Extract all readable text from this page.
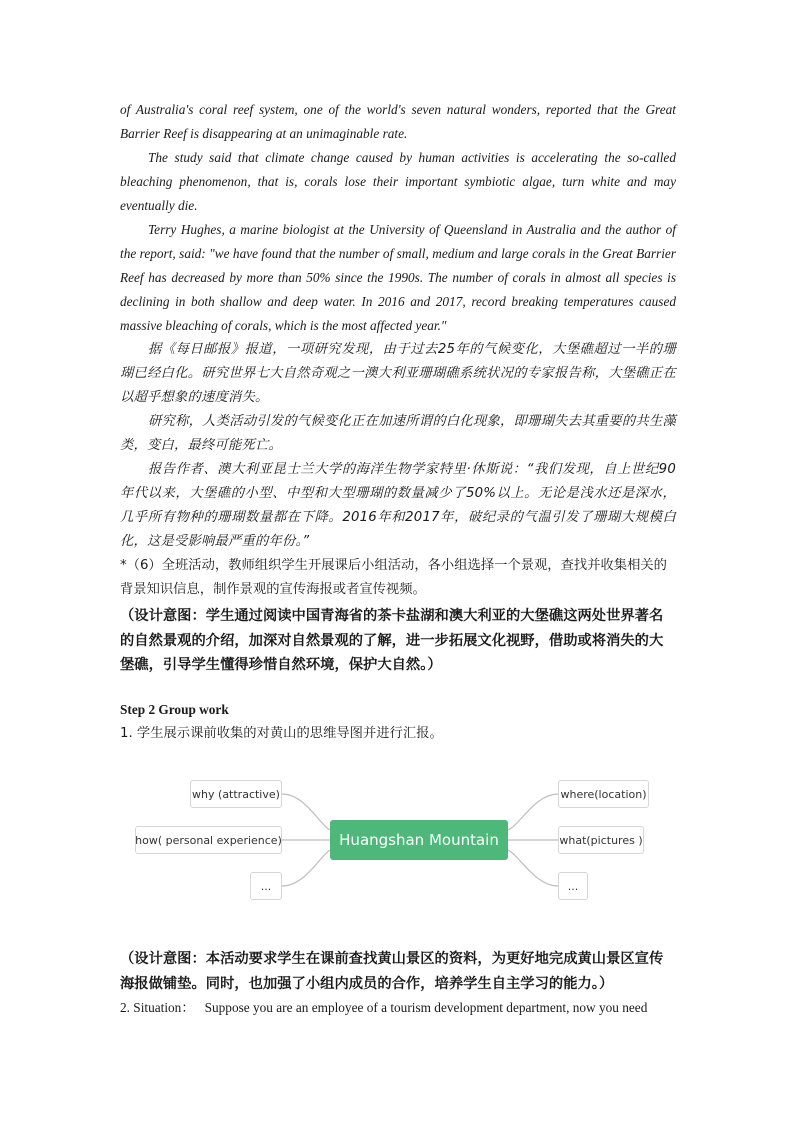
of Australia's coral reef system, one of the world's seven natural wonders, reported that the Great Barrier Reef is disappearing at an unimaginable rate.

The study said that climate change caused by human activities is accelerating the so-called bleaching phenomenon, that is, corals lose their important symbiotic algae, turn white and may eventually die.

Terry Hughes, a marine biologist at the University of Queensland in Australia and the author of the report, said: "we have found that the number of small, medium and large corals in the Great Barrier Reef has decreased by more than 50% since the 1990s. The number of corals in almost all species is declining in both shallow and deep water. In 2016 and 2017, record breaking temperatures caused massive bleaching of corals, which is the most affected year."

据《每日邮报》报道，一项研究发现，由于过去25年的气候变化，大堡礁超过一半的珊瑚已经白化。研究世界七大自然奇观之一澳大利亚珊瑚礁系统状况的专家报告称，大堡礁正在以超乎想象的速度消失。

研究称，人类活动引发的气候变化正在加速所谓的白化现象，即珊瑚失去其重要的共生藻类，变白，最终可能死亡。

报告作者、澳大利亚昆士兰大学的海洋生物学家特里·休斯说：“我们发现，自上世纪90年代以来，大堡礁的小型、中型和大型珊瑚的数量减少了50%以上。无论是浅水还是深水，几乎所有物种的珊瑚数量都在下降。2016年和2017年，破纪录的气温引发了珊瑚大规模白化，这是受影响最严重的年份。”

*（6）全班活动，教师组织学生开展课后小组活动，各小组选择一个景观，查找并收集相关的背景知识信息，制作景观的宣传海报或者宣传视频。

（设计意图：学生通过阅读中国青海省的茶卡盐湖和澳大利亚的大堡礁这两处世界著名的自然景观的介绍，加深对自然景观的了解，进一步拓展文化视野，借助或将消失的大堡礁，引导学生懂得珍惜自然环境，保护大自然。）

Step 2 Group work

1. 学生展示课前收集的对黄山的思维导图并进行汇报。

why (attractive)
how( personal experience)
...
Huangshan Mountain
where(location)
what(pictures )
...

（设计意图：本活动要求学生在课前查找黄山景区的资料，为更好地完成黄山景区宣传海报做铺垫。同时，也加强了小组内成员的合作，培养学生自主学习的能力。）

2. Situation： Suppose you are an employee of a tourism development department, now you need
